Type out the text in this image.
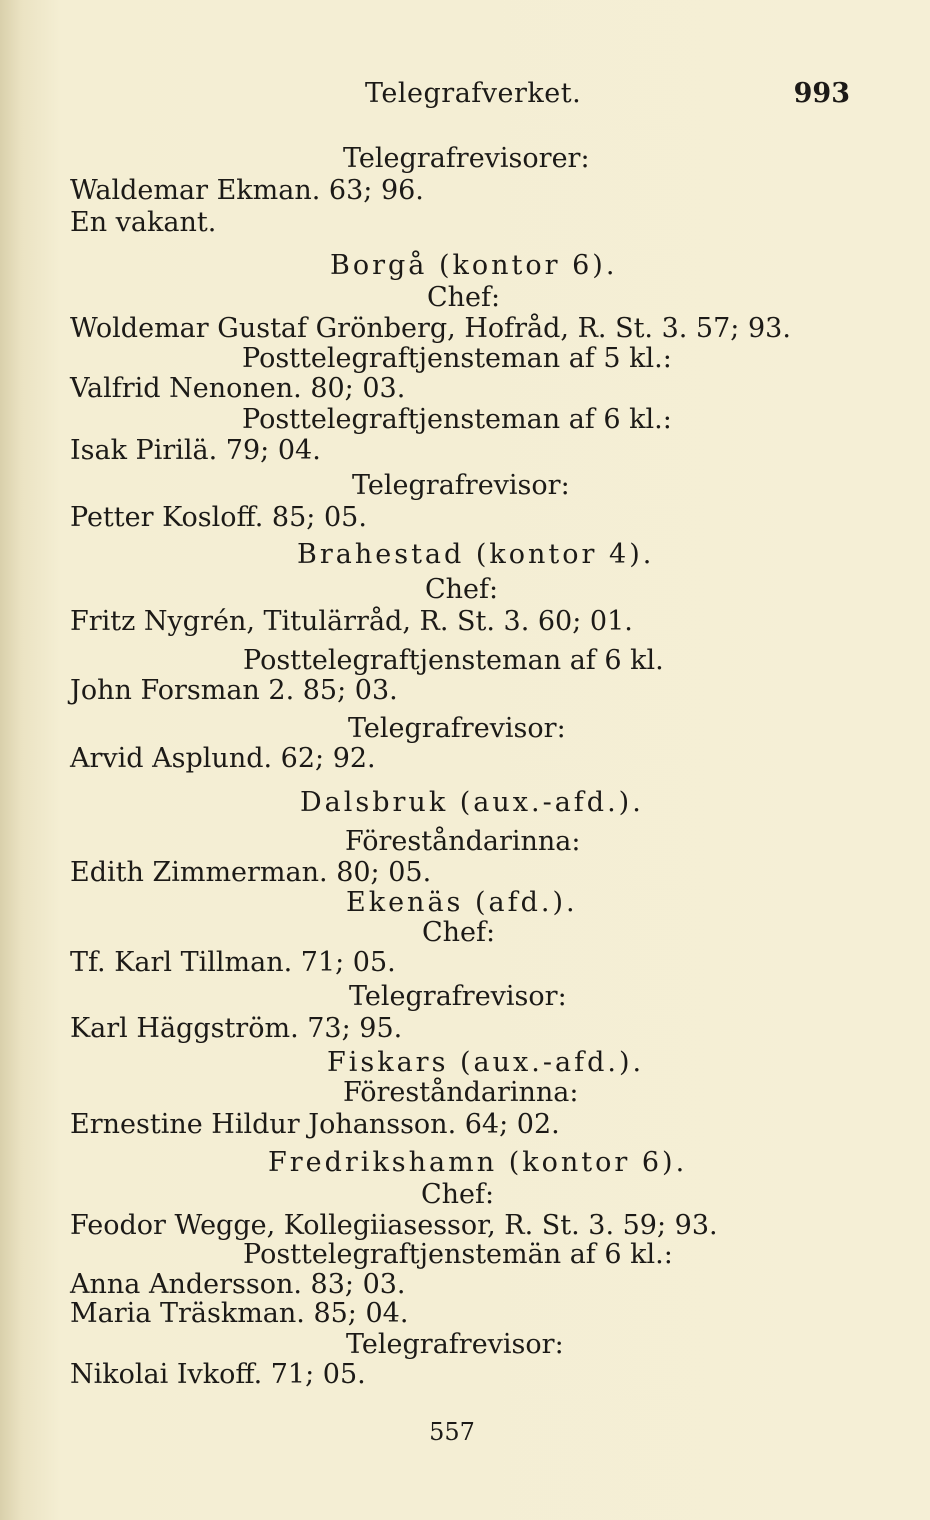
Telegrafverket.	993
Telegrafrevisorer:
Waldemar Ekman. 63; 96.
En vakant.
Borgå (kontor 6).
Chef:
Woldemar Gustaf Grönberg, Hofråd, R. St. 3. 57; 93.
Posttelegraftjensteman af 5 kl.:
Valfrid Nenonen. 80; 03.
Posttelegraftjensteman af 6 kl.:
Isak Pirilä. 79; 04.
Telegrafrevisor:
Petter Kosloff. 85; 05.
Brahestad (kontor 4).
Chef:
Fritz Nygrén, Titulärråd, R. St. 3. 60; 01.
Posttelegraftjensteman af 6 kl.
John Forsman 2. 85; 03.
Telegrafrevisor:
Arvid Asplund. 62; 92.
Dalsbruk (aux.-afd.).
Föreståndarinna:
Edith Zimmerman. 80; 05.
Ekenäs (afd.).
Chef:
Tf. Karl Tillman. 71; 05.
Telegrafrevisor:
Karl Häggström. 73; 95.
Fiskars (aux.-afd.).
Föreståndarinna:
Ernestine Hildur Johansson. 64; 02.
Fredrikshamn (kontor 6).
Chef:
Feodor Wegge, Kollegiiasessor, R. St. 3. 59; 93.
Posttelegraftjenstemän af 6 kl.:
Anna Andersson. 83; 03.
Maria Träskman. 85; 04.
Telegrafrevisor:
Nikolai Ivkoff. 71; 05.
557
